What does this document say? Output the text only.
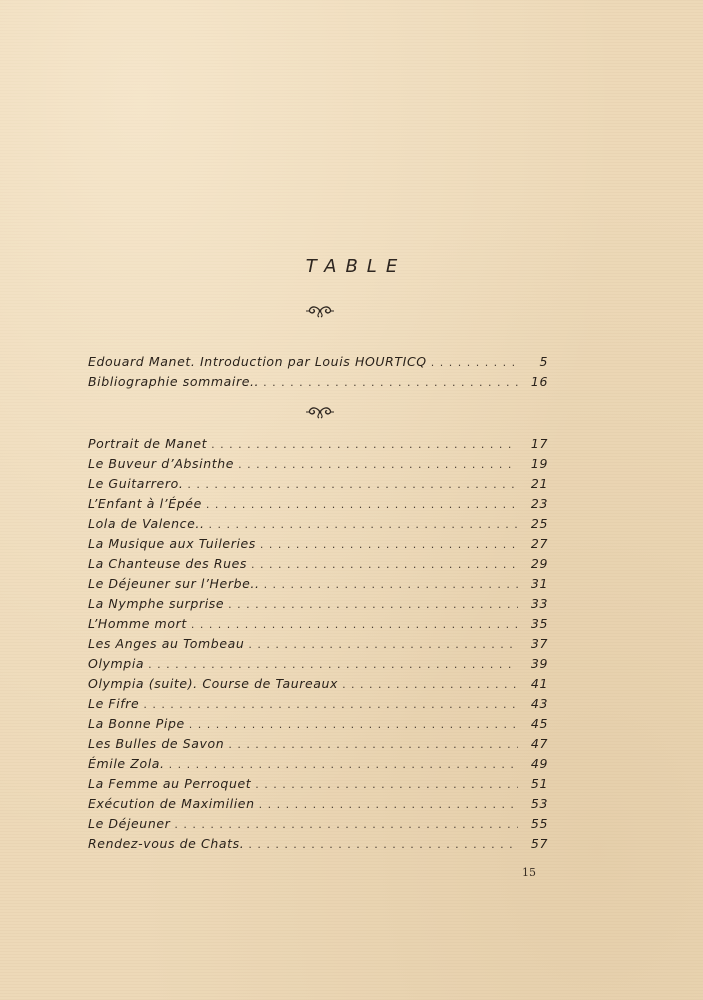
TABLE
Edouard Manet. Introduction par Louis HOURTICQ . . .	5
Bibliographie sommaire.. . . .	16
Portrait de Manet . . .	17
Le Buveur d’Absinthe . . .	19
Le Guitarrero. . . .	21
L’Enfant à l’Épée . . .	23
Lola de Valence.. . . .	25
La Musique aux Tuileries . . .	27
La Chanteuse des Rues . . .	29
Le Déjeuner sur l’Herbe.. . . .	31
La Nymphe surprise . . .	33
L’Homme mort . . .	35
Les Anges au Tombeau . . .	37
Olympia . . .	39
Olympia (suite). Course de Taureaux . . .	41
Le Fifre . . .	43
La Bonne Pipe . . .	45
Les Bulles de Savon . . .	47
Émile Zola. . . .	49
La Femme au Perroquet . . .	51
Exécution de Maximilien . . .	53
Le Déjeuner . . .	55
Rendez-vous de Chats. . . .	57
15
